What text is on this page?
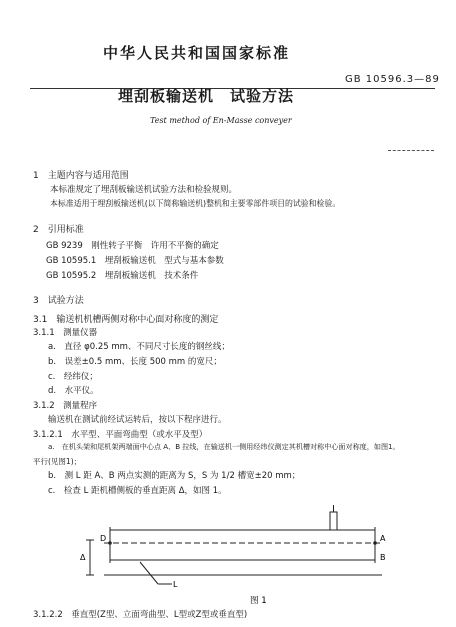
中华人民共和国国家标准
GB 10596.3—89
埋刮板输送机　试验方法
Test method of En-Masse conveyer
1　主题内容与适用范围
本标准规定了埋刮板输送机试验方法和检验规则。
本标准适用于埋刮板输送机(以下简称输送机)整机和主要零部件项目的试验和检验。
2　引用标准
GB 9239　刚性转子平衡　许用不平衡的确定
GB 10595.1　埋刮板输送机　型式与基本参数
GB 10595.2　埋刮板输送机　技术条件
3　试验方法
3.1　输送机机槽两侧对称中心面对称度的测定
3.1.1　测量仪器
a.　直径 φ0.25 mm、不同尺寸长度的钢丝线；
b.　误差±0.5 mm、长度 500 mm 的宽尺；
c.　经纬仪；
d.　水平仪。
3.1.2　测量程序
输送机在测试前经试运转后，按以下程序进行。
3.1.2.1　水平型、平面弯曲型（或水平及型）
a.　在机头架和尾机架两端面中心点 A、B 拉线，在输送机一侧用经纬仪测定其机槽对称中心面对称度，如图1。
平行(见图1)；
b.　测 L 距 A、B 两点实测的距离为 S，S 为 1/2 槽宽±20 mm；
c.　检查 L 距机槽侧板的垂直距离 Δ，如图 1。
D	A
B
Δ
L
图 1
3.1.2.2　垂直型(Z型、立面弯曲型、L型或Z型或垂直型)
